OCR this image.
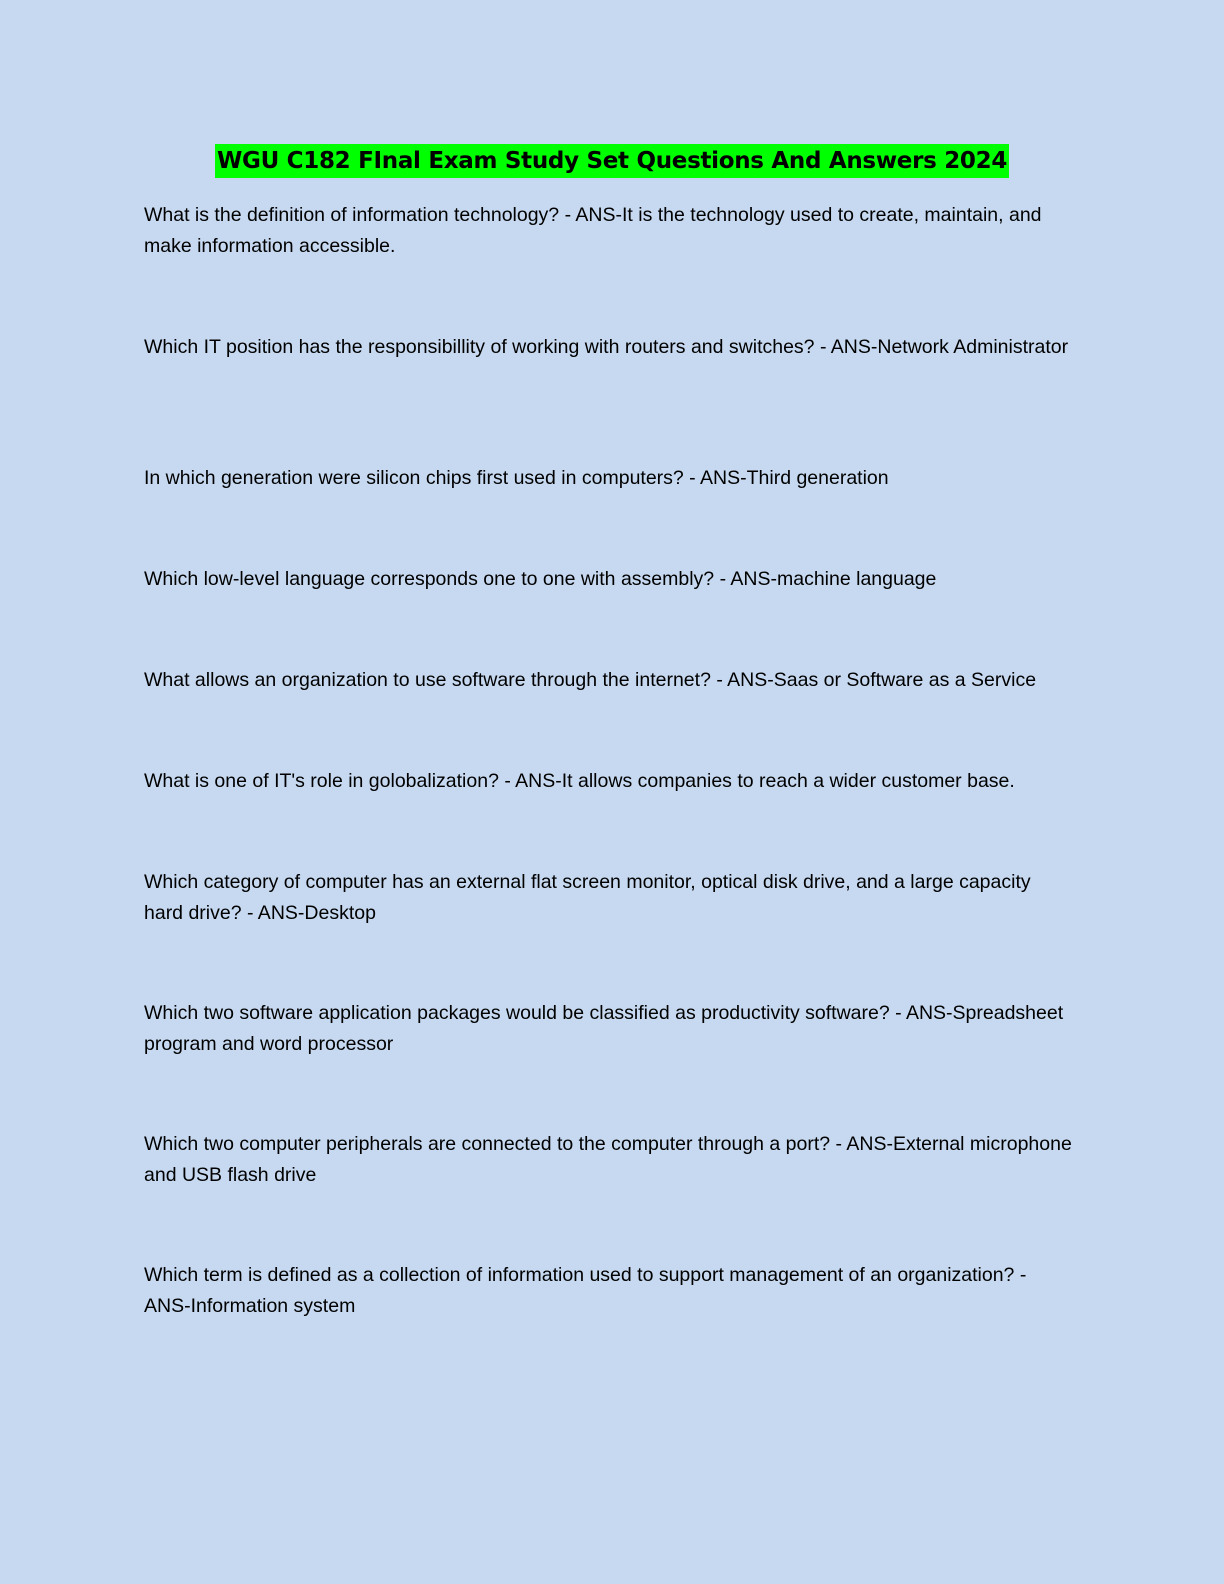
WGU C182 FInal Exam Study Set Questions And Answers 2024

What is the definition of information technology? - ANS-It is the technology used to create, maintain, and make information accessible.

Which IT position has the responsibillity of working with routers and switches? - ANS-Network Administrator

In which generation were silicon chips first used in computers? - ANS-Third generation

Which low-level language corresponds one to one with assembly? - ANS-machine language

What allows an organization to use software through the internet? - ANS-Saas or Software as a Service

What is one of IT's role in golobalization? - ANS-It allows companies to reach a wider customer base.

Which category of computer has an external flat screen monitor, optical disk drive, and a large capacity hard drive? - ANS-Desktop

Which two software application packages would be classified as productivity software? - ANS-Spreadsheet program and word processor

Which two computer peripherals are connected to the computer through a port? - ANS-External microphone and USB flash drive

Which term is defined as a collection of information used to support management of an organization? - ANS-Information system
